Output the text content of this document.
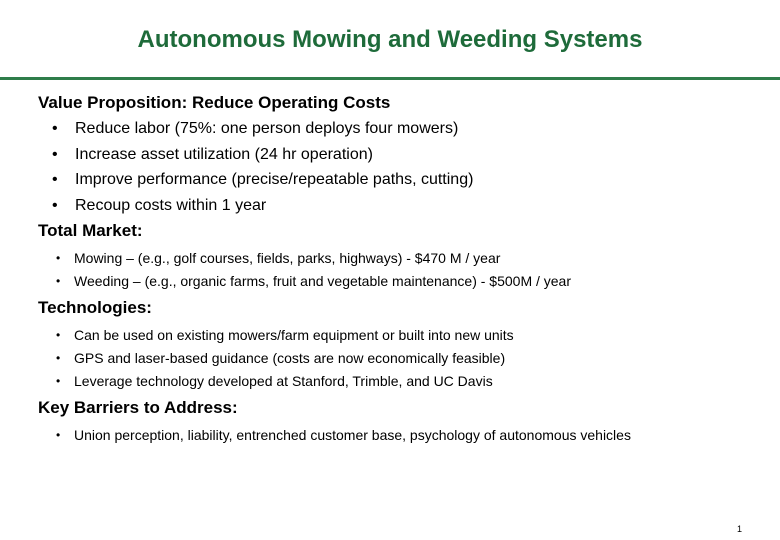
Autonomous Mowing and Weeding Systems
Value Proposition: Reduce Operating Costs
• Reduce labor (75%: one person deploys four mowers)
• Increase asset utilization (24 hr operation)
• Improve performance (precise/repeatable paths, cutting)
• Recoup costs within 1 year
Total Market:
• Mowing – (e.g., golf courses, fields, parks, highways) - $470 M / year
• Weeding – (e.g., organic farms, fruit and vegetable maintenance) - $500M / year
Technologies:
• Can be used on existing mowers/farm equipment or built into new units
• GPS and laser-based guidance (costs are now economically feasible)
• Leverage technology developed at Stanford, Trimble, and UC Davis
Key Barriers to Address:
• Union perception, liability, entrenched customer base, psychology of autonomous vehicles
1
